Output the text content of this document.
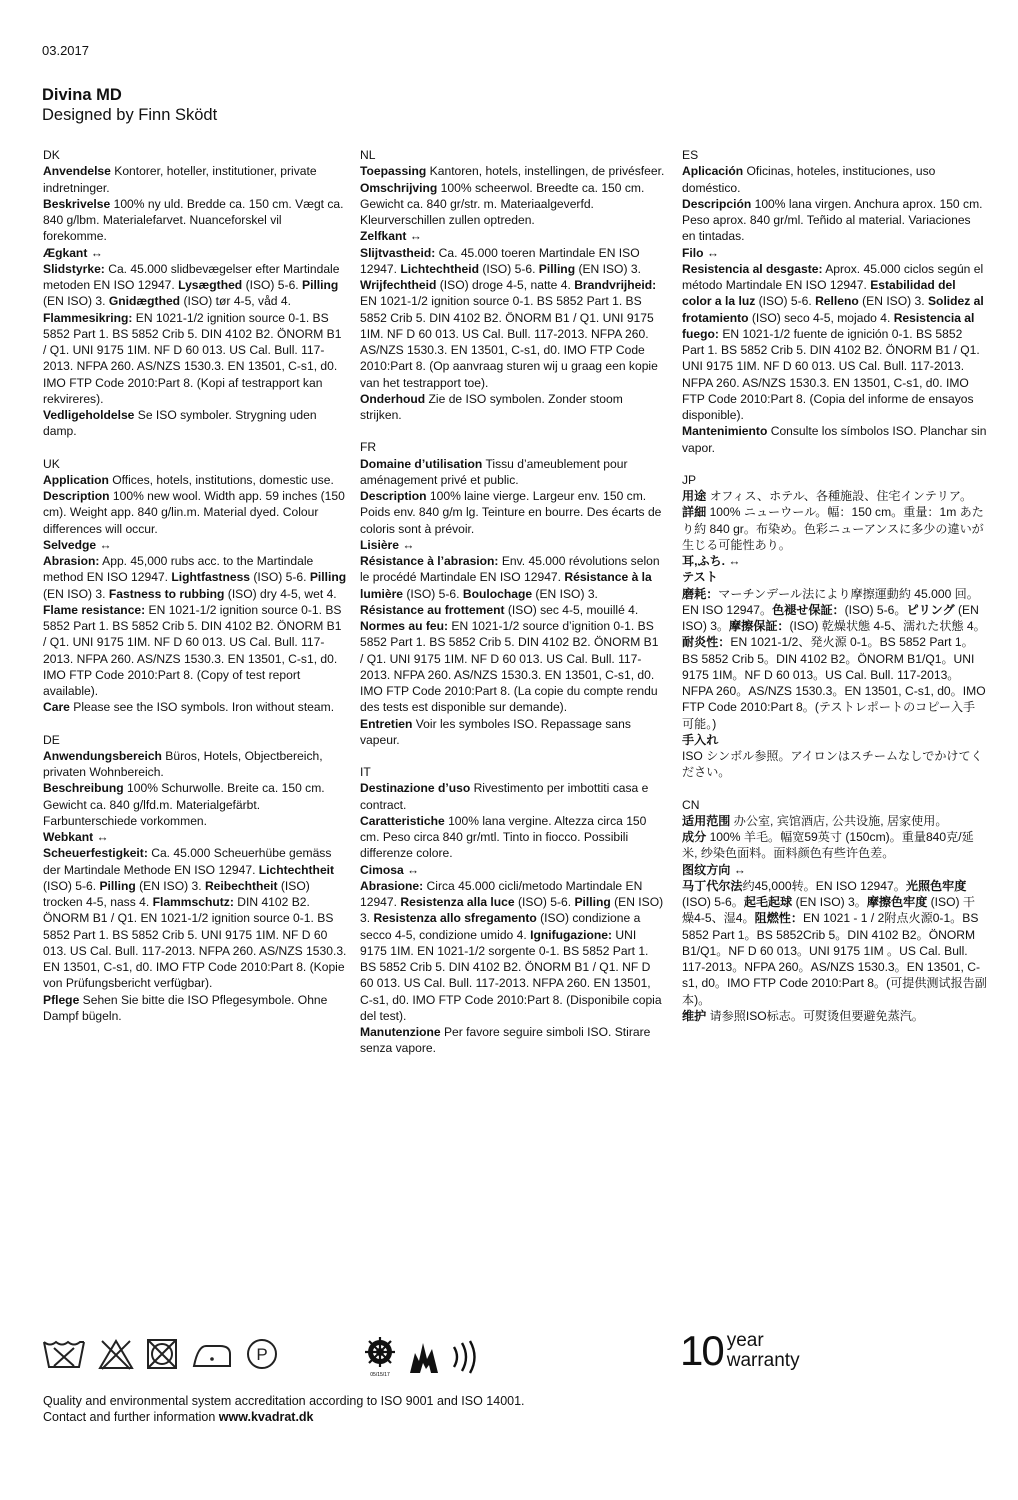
03.2017
Divina MD
Designed by Finn Sködt
DK

Anvendelse Kontorer, hoteller, institutioner, private indretninger.
Beskrivelse 100% ny uld. Bredde ca. 150 cm. Vægt ca. 840 g/lbm. Materialefarvet. Nuanceforskel vil forekomme.
Ægkant ↔
Slidstyrke: Ca. 45.000 slidbevægelser efter Martindale metoden EN ISO 12947. Lysægthed (ISO) 5-6. Pilling (EN ISO) 3. Gnidægthed (ISO) tør 4-5, våd 4. Flammesikring: EN 1021-1/2 ignition source 0-1. BS 5852 Part 1. BS 5852 Crib 5. DIN 4102 B2. ÖNORM B1 / Q1. UNI 9175 1IM. NF D 60 013. US Cal. Bull. 117-2013. NFPA 260. AS/NZS 1530.3. EN 13501, C-s1, d0. IMO FTP Code 2010:Part 8. (Kopi af testrapport kan rekvireres).
Vedligeholdelse Se ISO symboler. Strygning uden damp.

UK

Application Offices, hotels, institutions, domestic use.
Description 100% new wool. Width app. 59 inches (150 cm). Weight app. 840 g/lin.m. Material dyed. Colour differences will occur.
Selvedge ↔
Abrasion: App. 45,000 rubs acc. to the Martindale method EN ISO 12947. Lightfastness (ISO) 5-6. Pilling (EN ISO) 3. Fastness to rubbing (ISO) dry 4-5, wet 4. Flame resistance: EN 1021-1/2 ignition source 0-1. BS 5852 Part 1. BS 5852 Crib 5. DIN 4102 B2. ÖNORM B1 / Q1. UNI 9175 1IM. NF D 60 013. US Cal. Bull. 117-2013. NFPA 260. AS/NZS 1530.3. EN 13501, C-s1, d0. IMO FTP Code 2010:Part 8. (Copy of test report available).
Care Please see the ISO symbols. Iron without steam.

DE

Anwendungsbereich Büros, Hotels, Objectbereich, privaten Wohnbereich.
Beschreibung 100% Schurwolle. Breite ca. 150 cm. Gewicht ca. 840 g/lfd.m. Materialgefärbt. Farbunterschiede vorkommen.
Webkant ↔
Scheuerfestigkeit: Ca. 45.000 Scheuerhübe gemäss der Martindale Methode EN ISO 12947. Lichtechtheit (ISO) 5-6. Pilling (EN ISO) 3. Reibechtheit (ISO) trocken 4-5, nass 4. Flammschutz: DIN 4102 B2. ÖNORM B1 / Q1. EN 1021-1/2 ignition source 0-1. BS 5852 Part 1. BS 5852 Crib 5. UNI 9175 1IM. NF D 60 013. US Cal. Bull. 117-2013. NFPA 260. AS/NZS 1530.3. EN 13501, C-s1, d0. IMO FTP Code 2010:Part 8. (Kopie von Prüfungsbericht verfügbar).
Pflege Sehen Sie bitte die ISO Pflegesymbole. Ohne Dampf bügeln.

NL

Toepassing Kantoren, hotels, instellingen, de privésfeer.
Omschrijving 100% scheerwol. Breedte ca. 150 cm. Gewicht ca. 840 gr/str. m. Materiaalgeverfd. Kleurverschillen zullen optreden.
Zelfkant ↔
Slijtvastheid: Ca. 45.000 toeren Martindale EN ISO 12947. Lichtechtheid (ISO) 5-6. Pilling (EN ISO) 3. Wrijfechtheid (ISO) droge 4-5, natte 4. Brandvrijheid: EN 1021-1/2 ignition source 0-1. BS 5852 Part 1. BS 5852 Crib 5. DIN 4102 B2. ÖNORM B1 / Q1. UNI 9175 1IM. NF D 60 013. US Cal. Bull. 117-2013. NFPA 260. AS/NZS 1530.3. EN 13501, C-s1, d0. IMO FTP Code 2010:Part 8. (Op aanvraag sturen wij u graag een kopie van het testrapport toe).
Onderhoud Zie de ISO symbolen. Zonder stoom strijken.

FR

Domaine d’utilisation Tissu d’ameublement pour aménagement privé et public.
Description 100% laine vierge. Largeur env. 150 cm. Poids env. 840 g/m lg. Teinture en bourre. Des écarts de coloris sont à prévoir.
Lisière ↔
Résistance à l’abrasion: Env. 45.000 révolutions selon le procédé Martindale EN ISO 12947. Résistance à la lumière (ISO) 5-6. Boulochage (EN ISO) 3. Résistance au frottement (ISO) sec 4-5, mouillé 4. Normes au feu: EN 1021-1/2 source d’ignition 0-1. BS 5852 Part 1. BS 5852 Crib 5. DIN 4102 B2. ÖNORM B1 / Q1. UNI 9175 1IM. NF D 60 013. US Cal. Bull. 117-2013. NFPA 260. AS/NZS 1530.3. EN 13501, C-s1, d0. IMO FTP Code 2010:Part 8. (La copie du compte rendu des tests est disponible sur demande).
Entretien Voir les symboles ISO. Repassage sans vapeur.

IT

Destinazione d’uso Rivestimento per imbottiti casa e contract.
Caratteristiche 100% lana vergine. Altezza circa 150 cm. Peso circa 840 gr/mtl. Tinto in fiocco. Possibili differenze colore.
Cimosa ↔
Abrasione: Circa 45.000 cicli/metodo Martindale EN 12947. Resistenza alla luce (ISO) 5-6. Pilling (EN ISO) 3. Resistenza allo sfregamento (ISO) condizione a secco 4-5, condizione umido 4. Ignifugazione: UNI 9175 1IM. EN 1021-1/2 sorgente 0-1. BS 5852 Part 1. BS 5852 Crib 5. DIN 4102 B2. ÖNORM B1 / Q1. NF D 60 013. US Cal. Bull. 117-2013. NFPA 260. EN 13501, C-s1, d0. IMO FTP Code 2010:Part 8. (Disponibile copia del test).
Manutenzione Per favore seguire simboli ISO. Stirare senza vapore.

ES

Aplicación Oficinas, hoteles, instituciones, uso doméstico.
Descripción 100% lana virgen. Anchura aprox. 150 cm. Peso aprox. 840 gr/ml. Teñido al material. Variaciones en tintadas.
Filo ↔
Resistencia al desgaste: Aprox. 45.000 ciclos según el método Martindale EN ISO 12947. Estabilidad del color a la luz (ISO) 5-6. Relleno (EN ISO) 3. Solidez al frotamiento (ISO) seco 4-5, mojado 4. Resistencia al fuego: EN 1021-1/2 fuente de ignición 0-1. BS 5852 Part 1. BS 5852 Crib 5. DIN 4102 B2. ÖNORM B1 / Q1. UNI 9175 1IM. NF D 60 013. US Cal. Bull. 117-2013. NFPA 260. AS/NZS 1530.3. EN 13501, C-s1, d0. IMO FTP Code 2010:Part 8. (Copia del informe de ensayos disponible).
Mantenimiento Consulte los símbolos ISO. Planchar sin vapor.

JP

用途 オフィス、ホテル、各種施設、住宅インテリア。
詳細 100% ニューウール。幅：150 cm。重量：1m あたり約 840 gr。布染め。色彩ニューアンスに多少の違いが生じる可能性あり。
耳,ふち. ↔
テスト
磨耗：マーチンデール法により摩擦運動約 45.000 回。EN ISO 12947。色褪せ保証：(ISO) 5-6。ピリング (EN ISO) 3。摩擦保証：(ISO) 乾燥状態 4-5、濡れた状態 4。耐炎性：EN 1021-1/2、発火源 0-1。BS 5852 Part 1。BS 5852 Crib 5。DIN 4102 B2。ÖNORM B1/Q1。UNI 9175 1IM。NF D 60 013。US Cal. Bull. 117-2013。NFPA 260。AS/NZS 1530.3。EN 13501, C-s1, d0。IMO FTP Code 2010:Part 8。(テストレポートのコピー入手可能。)
手入れ
ISO シンボル参照。アイロンはスチームなしでかけてください。

CN

适用范围 办公室, 宾馆酒店, 公共设施, 居家使用。
成分 100% 羊毛。幅宽59英寸 (150cm)。重量840克/延米, 纱染色面料。面料颜色有些许色差。
图纹方向 ↔
马丁代尔法约45,000转。EN ISO 12947。光照色牢度 (ISO) 5-6。起毛起球 (EN ISO) 3。摩擦色牢度 (ISO) 干燥4-5、湿4。阻燃性：EN 1021 - 1 / 2附点火源0-1。BS 5852 Part 1。BS 5852Crib 5。DIN 4102 B2。ÖNORM B1/Q1。NF D 60 013。UNI 9175 1IM 。US Cal. Bull. 117-2013。NFPA 260。AS/NZS 1530.3。EN 13501, C-s1, d0。IMO FTP Code 2010:Part 8。(可提供测试报告副本)。
维护 请参照ISO标志。可熨烫但要避免蒸汽。

P
05/15/17
10 year
warranty
Quality and environmental system accreditation according to ISO 9001 and ISO 14001.
Contact and further information www.kvadrat.dk
